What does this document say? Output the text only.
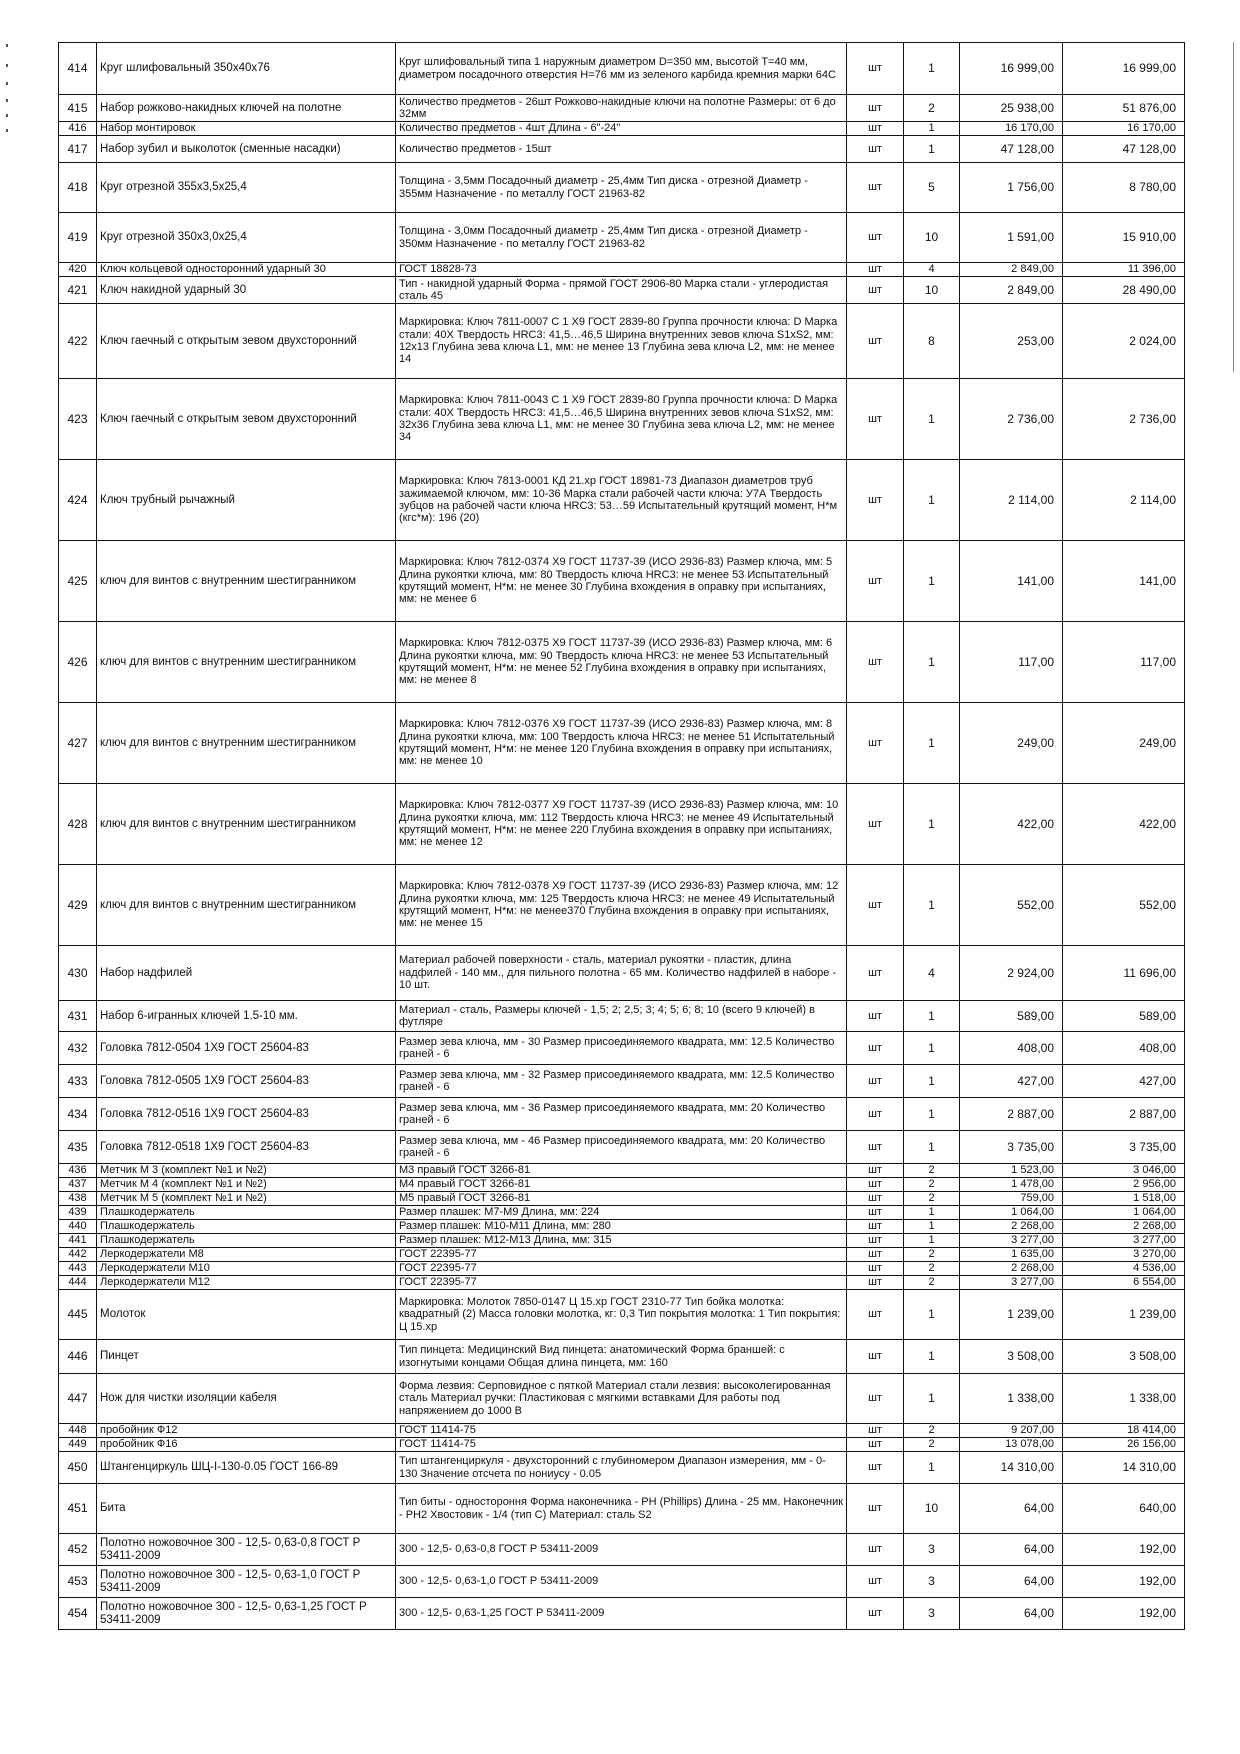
414	Круг шлифовальный 350х40х76	Круг шлифовальный типа 1 наружным диаметром D=350 мм, высотой T=40 мм, диаметром посадочного отверстия H=76 мм из зеленого карбида кремния марки 64С	шт	1	16 999,00	16 999,00
415	Набор рожково-накидных ключей на полотне	Количество предметов - 26шт Рожково-накидные ключи на полотне Размеры: от 6 до 32мм	шт	2	25 938,00	51 876,00
416	Набор монтировок	Количество предметов - 4шт Длина - 6"-24"	шт	1	16 170,00	16 170,00
417	Набор зубил и выколоток (сменные насадки)	Количество предметов - 15шт	шт	1	47 128,00	47 128,00
418	Круг отрезной 355х3,5х25,4	Толщина - 3,5мм Посадочный диаметр - 25,4мм Тип диска - отрезной Диаметр - 355мм Назначение - по металлу ГОСТ 21963-82	шт	5	1 756,00	8 780,00
419	Круг отрезной 350х3,0х25,4	Толщина - 3,0мм Посадочный диаметр - 25,4мм Тип диска - отрезной Диаметр - 350мм Назначение - по металлу ГОСТ 21963-82	шт	10	1 591,00	15 910,00
420	Ключ кольцевой односторонний ударный 30	ГОСТ 18828-73	шт	4	2 849,00	11 396,00
421	Ключ накидной ударный 30	Тип - накидной ударный Форма - прямой ГОСТ 2906-80 Марка стали - углеродистая сталь 45	шт	10	2 849,00	28 490,00
422	Ключ гаечный с открытым зевом двухсторонний	Маркировка: Ключ 7811-0007 С 1 Х9 ГОСТ 2839-80 Группа прочности ключа: D Марка стали: 40Х Твердость HRC3: 41,5…46,5 Ширина внутренних зевов ключа S1хS2, мм: 12х13 Глубина зева ключа L1, мм: не менее 13 Глубина зева ключа L2, мм: не менее 14	шт	8	253,00	2 024,00
423	Ключ гаечный с открытым зевом двухсторонний	Маркировка: Ключ 7811-0043 С 1 Х9 ГОСТ 2839-80 Группа прочности ключа: D Марка стали: 40Х Твердость HRC3: 41,5…46,5 Ширина внутренних зевов ключа S1хS2, мм: 32х36 Глубина зева ключа L1, мм: не менее 30 Глубина зева ключа L2, мм: не менее 34	шт	1	2 736,00	2 736,00
424	Ключ трубный рычажный	Маркировка: Ключ 7813-0001 КД 21.хр ГОСТ 18981-73 Диапазон диаметров труб зажимаемой ключом, мм: 10-36 Марка стали рабочей части ключа: У7А Твердость зубцов на рабочей части ключа HRC3: 53…59 Испытательный крутящий момент, Н*м (кгс*м): 196 (20)	шт	1	2 114,00	2 114,00
425	ключ для винтов с внутренним шестигранником	Маркировка: Ключ 7812-0374 Х9 ГОСТ 11737-39 (ИСО 2936-83) Размер ключа, мм: 5 Длина рукоятки ключа, мм: 80 Твердость ключа HRC3: не менее 53 Испытательный крутящий момент, Н*м: не менее 30 Глубина вхождения в оправку при испытаниях, мм: не менее 6	шт	1	141,00	141,00
426	ключ для винтов с внутренним шестигранником	Маркировка: Ключ 7812-0375 Х9 ГОСТ 11737-39 (ИСО 2936-83) Размер ключа, мм: 6 Длина рукоятки ключа, мм: 90 Твердость ключа HRC3: не менее 53 Испытательный крутящий момент, Н*м: не менее 52 Глубина вхождения в оправку при испытаниях, мм: не менее 8	шт	1	117,00	117,00
427	ключ для винтов с внутренним шестигранником	Маркировка: Ключ 7812-0376 Х9 ГОСТ 11737-39 (ИСО 2936-83) Размер ключа, мм: 8 Длина рукоятки ключа, мм: 100 Твердость ключа HRC3: не менее 51 Испытательный крутящий момент, Н*м: не менее 120 Глубина вхождения в оправку при испытаниях, мм: не менее 10	шт	1	249,00	249,00
428	ключ для винтов с внутренним шестигранником	Маркировка: Ключ 7812-0377 Х9 ГОСТ 11737-39 (ИСО 2936-83) Размер ключа, мм: 10 Длина рукоятки ключа, мм: 112 Твердость ключа HRC3: не менее 49 Испытательный крутящий момент, Н*м: не менее 220 Глубина вхождения в оправку при испытаниях, мм: не менее 12	шт	1	422,00	422,00
429	ключ для винтов с внутренним шестигранником	Маркировка: Ключ 7812-0378 Х9 ГОСТ 11737-39 (ИСО 2936-83) Размер ключа, мм: 12 Длина рукоятки ключа, мм: 125 Твердость ключа HRC3: не менее 49 Испытательный крутящий момент, Н*м: не менее370 Глубина вхождения в оправку при испытаниях, мм: не менее 15	шт	1	552,00	552,00
430	Набор надфилей	Материал рабочей поверхности - сталь, материал рукоятки - пластик, длина надфилей - 140 мм., для пильного полотна - 65 мм. Количество надфилей в наборе - 10 шт.	шт	4	2 924,00	11 696,00
431	Набор 6-игранных ключей 1.5-10 мм.	Материал - сталь, Размеры ключей - 1,5; 2; 2,5; 3; 4; 5; 6; 8; 10 (всего 9 ключей) в футляре	шт	1	589,00	589,00
432	Головка 7812-0504 1Х9 ГОСТ 25604-83	Размер зева ключа, мм - 30 Размер присоединяемого квадрата, мм: 12.5 Количество граней - 6	шт	1	408,00	408,00
433	Головка 7812-0505 1Х9 ГОСТ 25604-83	Размер зева ключа, мм - 32 Размер присоединяемого квадрата, мм: 12.5 Количество граней - 6	шт	1	427,00	427,00
434	Головка 7812-0516 1Х9 ГОСТ 25604-83	Размер зева ключа, мм - 36 Размер присоединяемого квадрата, мм: 20 Количество граней - 6	шт	1	2 887,00	2 887,00
435	Головка 7812-0518 1Х9 ГОСТ 25604-83	Размер зева ключа, мм - 46 Размер присоединяемого квадрата, мм: 20 Количество граней - 6	шт	1	3 735,00	3 735,00
436	Метчик М 3 (комплект №1 и №2)	М3 правый ГОСТ 3266-81	шт	2	1 523,00	3 046,00
437	Метчик М 4 (комплект №1 и №2)	М4 правый ГОСТ 3266-81	шт	2	1 478,00	2 956,00
438	Метчик М 5 (комплект №1 и №2)	М5 правый ГОСТ 3266-81	шт	2	759,00	1 518,00
439	Плашкодержатель	Размер плашек: М7-М9 Длина, мм: 224	шт	1	1 064,00	1 064,00
440	Плашкодержатель	Размер плашек: М10-М11 Длина, мм: 280	шт	1	2 268,00	2 268,00
441	Плашкодержатель	Размер плашек: М12-М13 Длина, мм: 315	шт	1	3 277,00	3 277,00
442	Леркодержатели М8	ГОСТ 22395-77	шт	2	1 635,00	3 270,00
443	Леркодержатели М10	ГОСТ 22395-77	шт	2	2 268,00	4 536,00
444	Леркодержатели М12	ГОСТ 22395-77	шт	2	3 277,00	6 554,00
445	Молоток	Маркировка: Молоток 7850-0147 Ц 15.хр ГОСТ 2310-77 Тип бойка молотка: квадратный (2) Масса головки молотка, кг: 0,3 Тип покрытия молотка: 1 Тип покрытия: Ц 15.хр	шт	1	1 239,00	1 239,00
446	Пинцет	Тип пинцета: Медицинский Вид пинцета: анатомический Форма браншей: с изогнутыми концами Общая длина пинцета, мм: 160	шт	1	3 508,00	3 508,00
447	Нож для чистки изоляции кабеля	Форма лезвия: Серповидное с пяткой Материал стали лезвия: высоколегированная сталь Материал ручки: Пластиковая с мягкими вставками Для работы под напряжением до 1000 В	шт	1	1 338,00	1 338,00
448	пробойник Ф12	ГОСТ 11414-75	шт	2	9 207,00	18 414,00
449	пробойник Ф16	ГОСТ 11414-75	шт	2	13 078,00	26 156,00
450	Штангенциркуль ШЦ-I-130-0.05 ГОСТ 166-89	Тип штангенциркуля - двухсторонний с глубиномером Диапазон измерения, мм - 0-130 Значение отсчета по нониусу - 0.05	шт	1	14 310,00	14 310,00
451	Бита	Тип биты - одностороння Форма наконечника - PH (Phillips) Длина - 25 мм. Наконечник - PH2 Хвостовик - 1/4 (тип C) Материал: сталь S2	шт	10	64,00	640,00
452	Полотно ножовочное 300 - 12,5- 0,63-0,8 ГОСТ Р 53411-2009	300 - 12,5- 0,63-0,8 ГОСТ Р 53411-2009	шт	3	64,00	192,00
453	Полотно ножовочное 300 - 12,5- 0,63-1,0 ГОСТ Р 53411-2009	300 - 12,5- 0,63-1,0 ГОСТ Р 53411-2009	шт	3	64,00	192,00
454	Полотно ножовочное 300 - 12,5- 0,63-1,25 ГОСТ Р 53411-2009	300 - 12,5- 0,63-1,25 ГОСТ Р 53411-2009	шт	3	64,00	192,00
